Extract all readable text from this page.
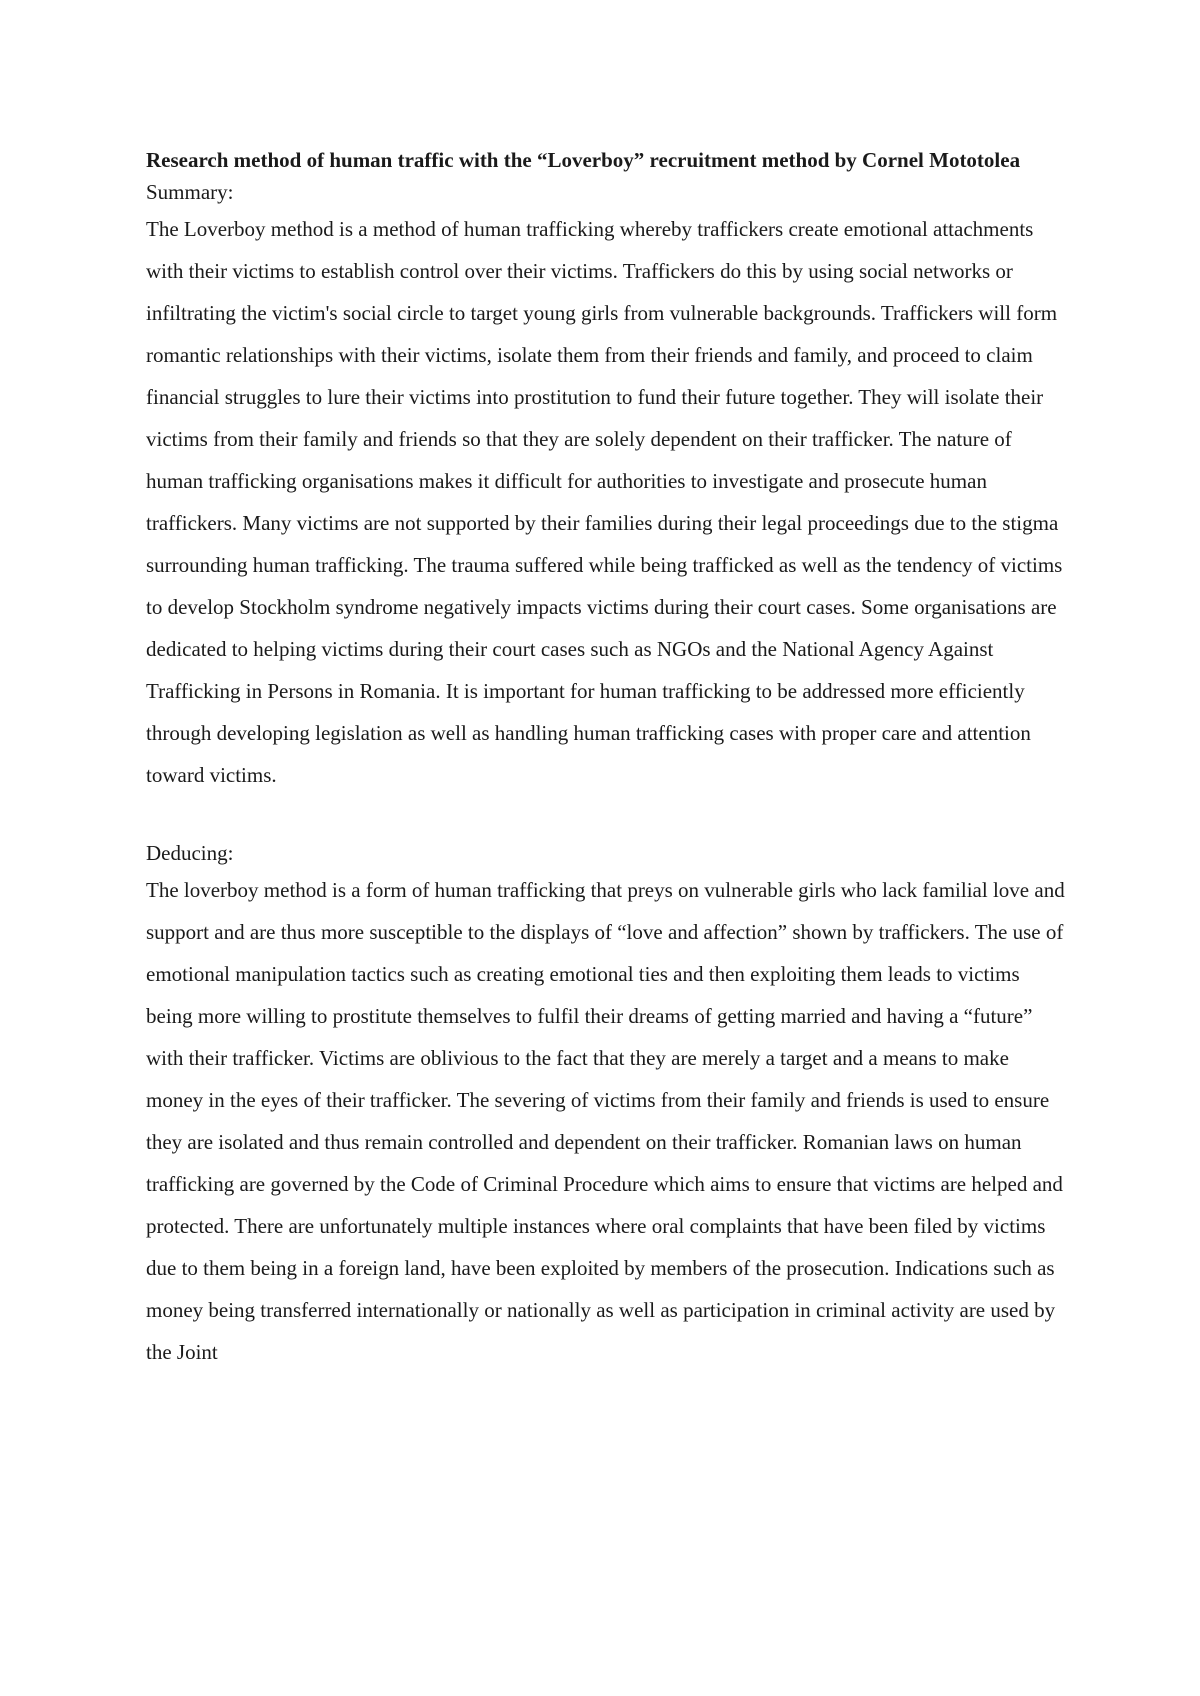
Research method of human traffic with the “Loverboy” recruitment method by Cornel Mototolea

Summary:

The Loverboy method is a method of human trafficking whereby traffickers create emotional attachments with their victims to establish control over their victims. Traffickers do this by using social networks or infiltrating the victim's social circle to target young girls from vulnerable backgrounds. Traffickers will form romantic relationships with their victims, isolate them from their friends and family, and proceed to claim financial struggles to lure their victims into prostitution to fund their future together. They will isolate their victims from their family and friends so that they are solely dependent on their trafficker. The nature of human trafficking organisations makes it difficult for authorities to investigate and prosecute human traffickers. Many victims are not supported by their families during their legal proceedings due to the stigma surrounding human trafficking. The trauma suffered while being trafficked as well as the tendency of victims to develop Stockholm syndrome negatively impacts victims during their court cases. Some organisations are dedicated to helping victims during their court cases such as NGOs and the National Agency Against Trafficking in Persons in Romania. It is important for human trafficking to be addressed more efficiently through developing legislation as well as handling human trafficking cases with proper care and attention toward victims.

Deducing:

The loverboy method is a form of human trafficking that preys on vulnerable girls who lack familial love and support and are thus more susceptible to the displays of “love and affection” shown by traffickers. The use of emotional manipulation tactics such as creating emotional ties and then exploiting them leads to victims being more willing to prostitute themselves to fulfil their dreams of getting married and having a “future” with their trafficker. Victims are oblivious to the fact that they are merely a target and a means to make money in the eyes of their trafficker. The severing of victims from their family and friends is used to ensure they are isolated and thus remain controlled and dependent on their trafficker. Romanian laws on human trafficking are governed by the Code of Criminal Procedure which aims to ensure that victims are helped and protected. There are unfortunately multiple instances where oral complaints that have been filed by victims due to them being in a foreign land, have been exploited by members of the prosecution. Indications such as money being transferred internationally or nationally as well as participation in criminal activity are used by the Joint
